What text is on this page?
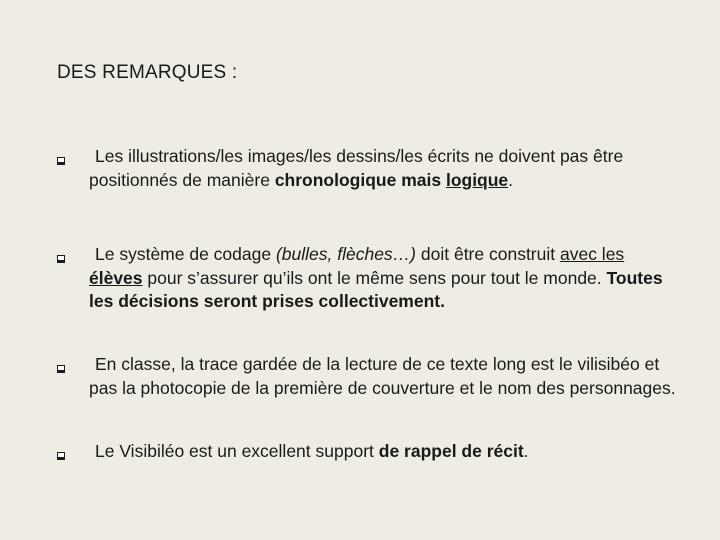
DES REMARQUES :
Les illustrations/les images/les dessins/les écrits ne doivent pas être positionnés de manière chronologique mais logique.
Le système de codage (bulles, flèches…) doit être construit avec les élèves pour s’assurer qu’ils ont le même sens pour tout le monde. Toutes les décisions seront prises collectivement.
En classe, la trace gardée de la lecture de ce texte long est le vilisibéo et pas la photocopie de la première de couverture et le nom des personnages.
Le Visibiléo est un excellent support de rappel de récit.
